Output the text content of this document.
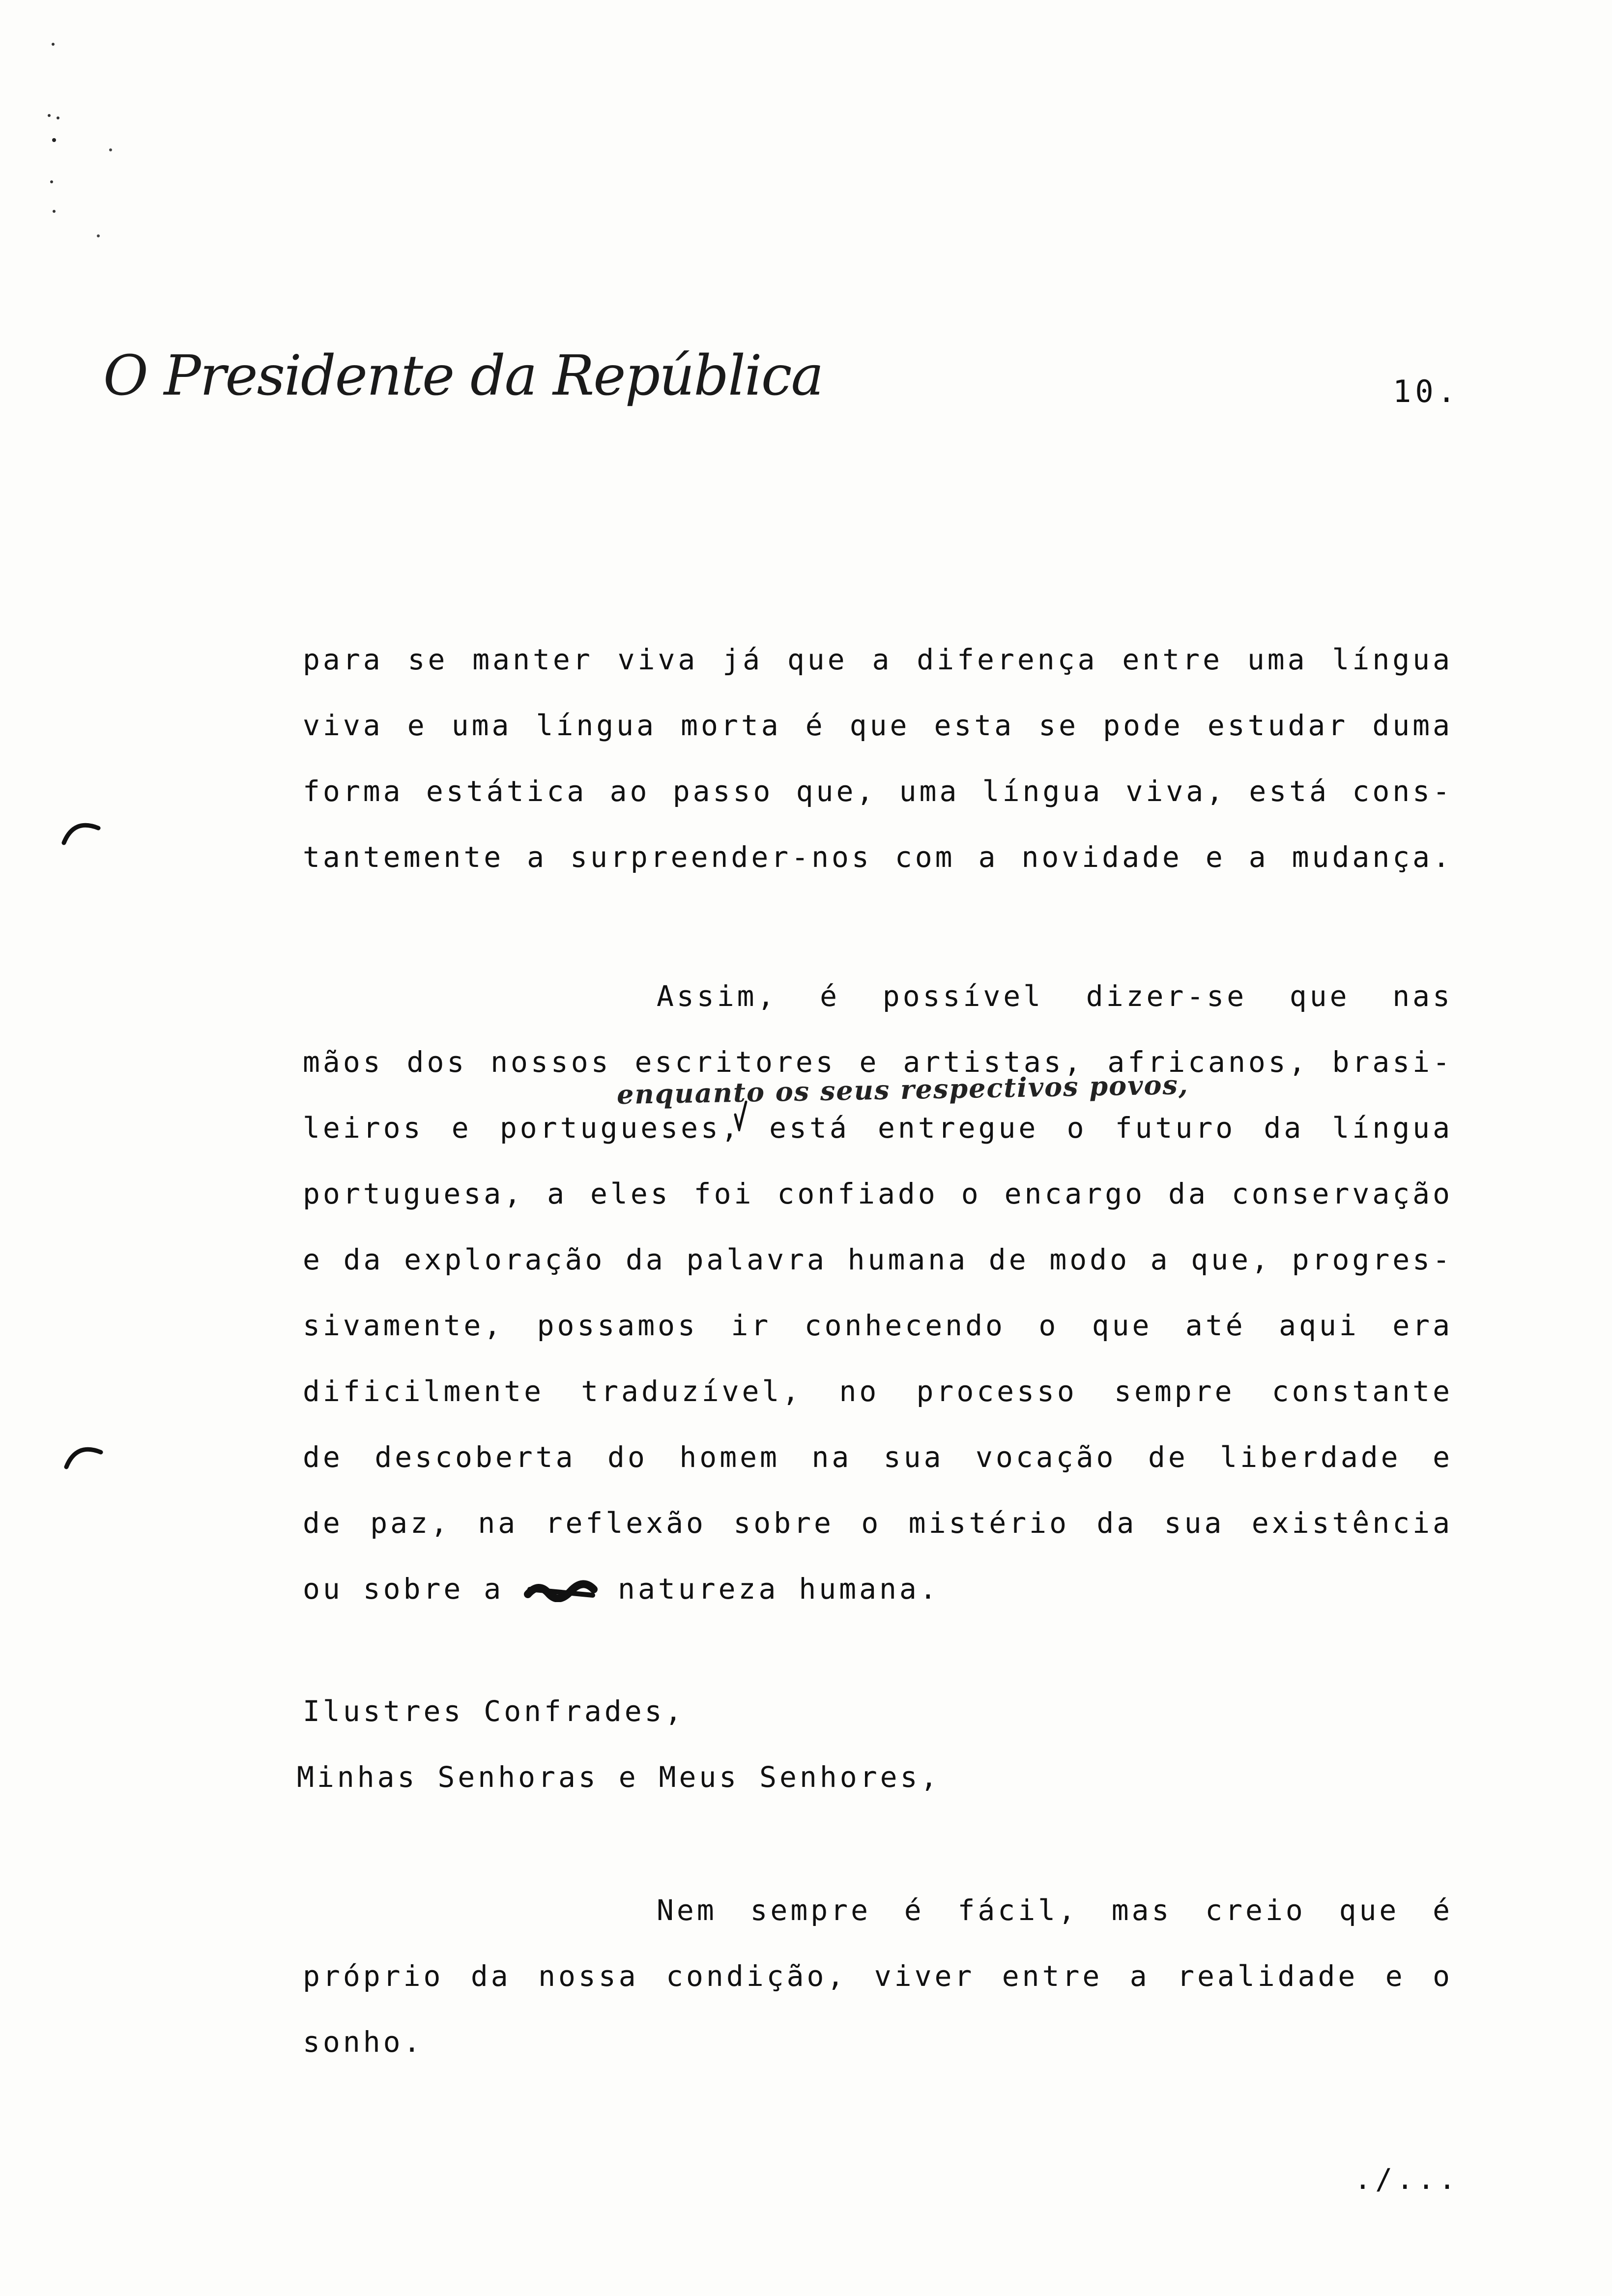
O Presidente da República	10.
para se manter viva já que a diferença entre uma língua
viva e uma língua morta é que esta se pode estudar duma
forma estática ao passo que, uma língua viva, está cons-
tantemente a surpreender-nos com a novidade e a mudança.
Assim, é possível dizer-se que nas
mãos dos nossos escritores e artistas, africanos, brasi-
leiros e portugueses, está entregue o futuro da língua
portuguesa, a eles foi confiado o encargo da conservação
e da exploração da palavra humana de modo a que, progres-
sivamente, possamos ir conhecendo o que até aqui era
dificilmente traduzível, no processo sempre constante
de descoberta do homem na sua vocação de liberdade e
de paz, na reflexão sobre o mistério da sua existência
ou sobre a	natureza humana.
enquanto os seus respectivos povos,
Ilustres Confrades,
Minhas Senhoras e Meus Senhores,
Nem sempre é fácil, mas creio que é
próprio da nossa condição, viver entre a realidade e o
sonho.
./...
